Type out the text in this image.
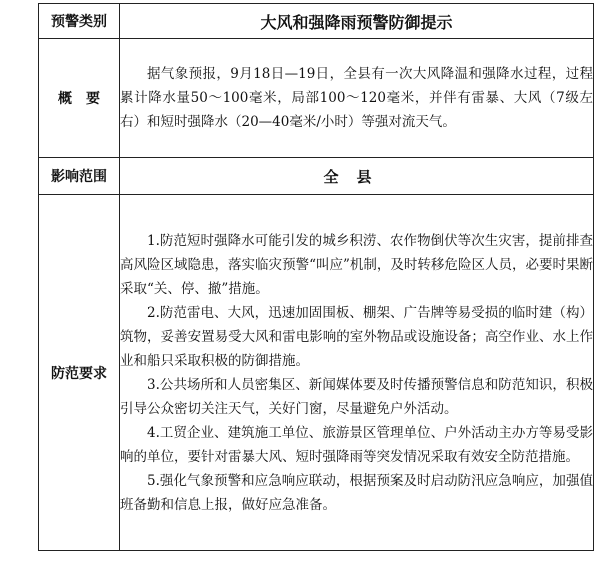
预警类别	大风和强降雨预警防御提示
概　要	据气象预报，9月18日—19日，全县有一次大风降温和强降水过程，过程累计降水量50～100毫米，局部100～120毫米，并伴有雷暴、大风（7级左右）和短时强降水（20—40毫米/小时）等强对流天气。

影响范围	全县
防范要求	1.防范短时强降水可能引发的城乡积涝、农作物倒伏等次生灾害，提前排查高风险区域隐患，落实临灾预警“叫应”机制，及时转移危险区人员，必要时果断采取“关、停、撤”措施。

2.防范雷电、大风，迅速加固围板、棚架、广告牌等易受损的临时建（构）筑物，妥善安置易受大风和雷电影响的室外物品或设施设备；高空作业、水上作业和船只采取积极的防御措施。

3.公共场所和人员密集区、新闻媒体要及时传播预警信息和防范知识，积极引导公众密切关注天气，关好门窗，尽量避免户外活动。

4.工贸企业、建筑施工单位、旅游景区管理单位、户外活动主办方等易受影响的单位，要针对雷暴大风、短时强降雨等突发情况采取有效安全防范措施。

5.强化气象预警和应急响应联动，根据预案及时启动防汛应急响应，加强值班备勤和信息上报，做好应急准备。
